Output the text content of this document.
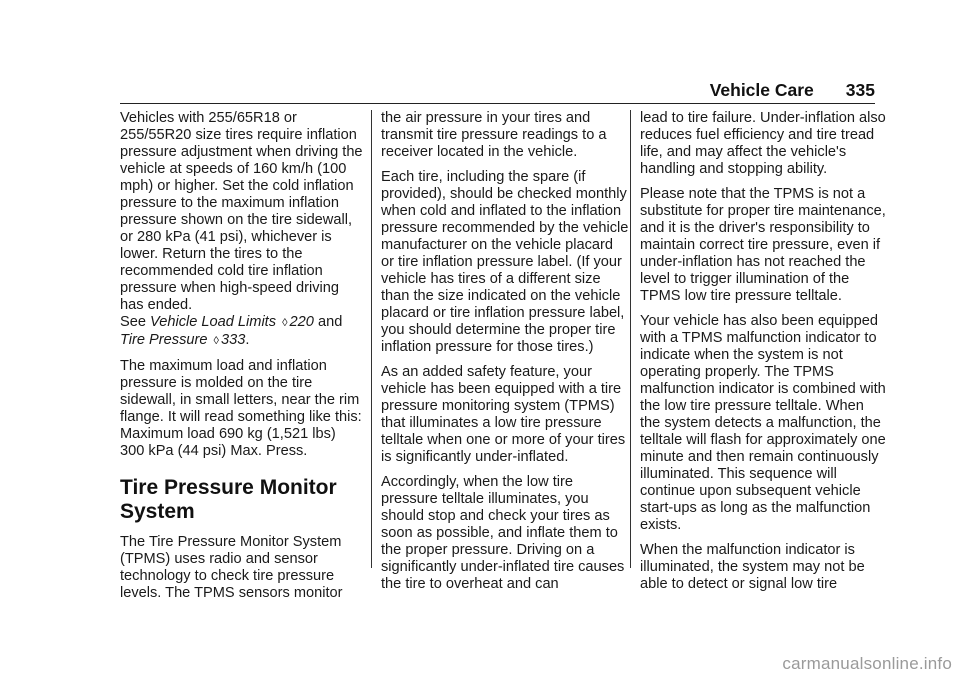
Vehicle Care 335

Vehicles with 255/65R18 or 255/55R20 size tires require inflation pressure adjustment when driving the vehicle at speeds of 160 km/h (100 mph) or higher. Set the cold inflation pressure to the maximum inflation pressure shown on the tire sidewall, or 280 kPa (41 psi), whichever is lower. Return the tires to the recommended cold tire inflation pressure when high-speed driving has ended.
See Vehicle Load Limits ◊ 220 and
Tire Pressure ◊ 333.

The maximum load and inflation pressure is molded on the tire sidewall, in small letters, near the rim flange. It will read something like this: Maximum load 690 kg (1,521 lbs) 300 kPa (44 psi) Max. Press.

Tire Pressure Monitor System

The Tire Pressure Monitor System (TPMS) uses radio and sensor technology to check tire pressure levels. The TPMS sensors monitor

the air pressure in your tires and transmit tire pressure readings to a receiver located in the vehicle.

Each tire, including the spare (if provided), should be checked monthly when cold and inflated to the inflation pressure recommended by the vehicle manufacturer on the vehicle placard or tire inflation pressure label. (If your vehicle has tires of a different size than the size indicated on the vehicle placard or tire inflation pressure label, you should determine the proper tire inflation pressure for those tires.)

As an added safety feature, your vehicle has been equipped with a tire pressure monitoring system (TPMS) that illuminates a low tire pressure telltale when one or more of your tires is significantly under-inflated.

Accordingly, when the low tire pressure telltale illuminates, you should stop and check your tires as soon as possible, and inflate them to the proper pressure. Driving on a significantly under-inflated tire causes the tire to overheat and can

lead to tire failure. Under-inflation also reduces fuel efficiency and tire tread life, and may affect the vehicle's handling and stopping ability.

Please note that the TPMS is not a substitute for proper tire maintenance, and it is the driver's responsibility to maintain correct tire pressure, even if under-inflation has not reached the level to trigger illumination of the TPMS low tire pressure telltale.

Your vehicle has also been equipped with a TPMS malfunction indicator to indicate when the system is not operating properly. The TPMS malfunction indicator is combined with the low tire pressure telltale. When the system detects a malfunction, the telltale will flash for approximately one minute and then remain continuously illuminated. This sequence will continue upon subsequent vehicle start-ups as long as the malfunction exists.

When the malfunction indicator is illuminated, the system may not be able to detect or signal low tire

carmanualsonline.info
